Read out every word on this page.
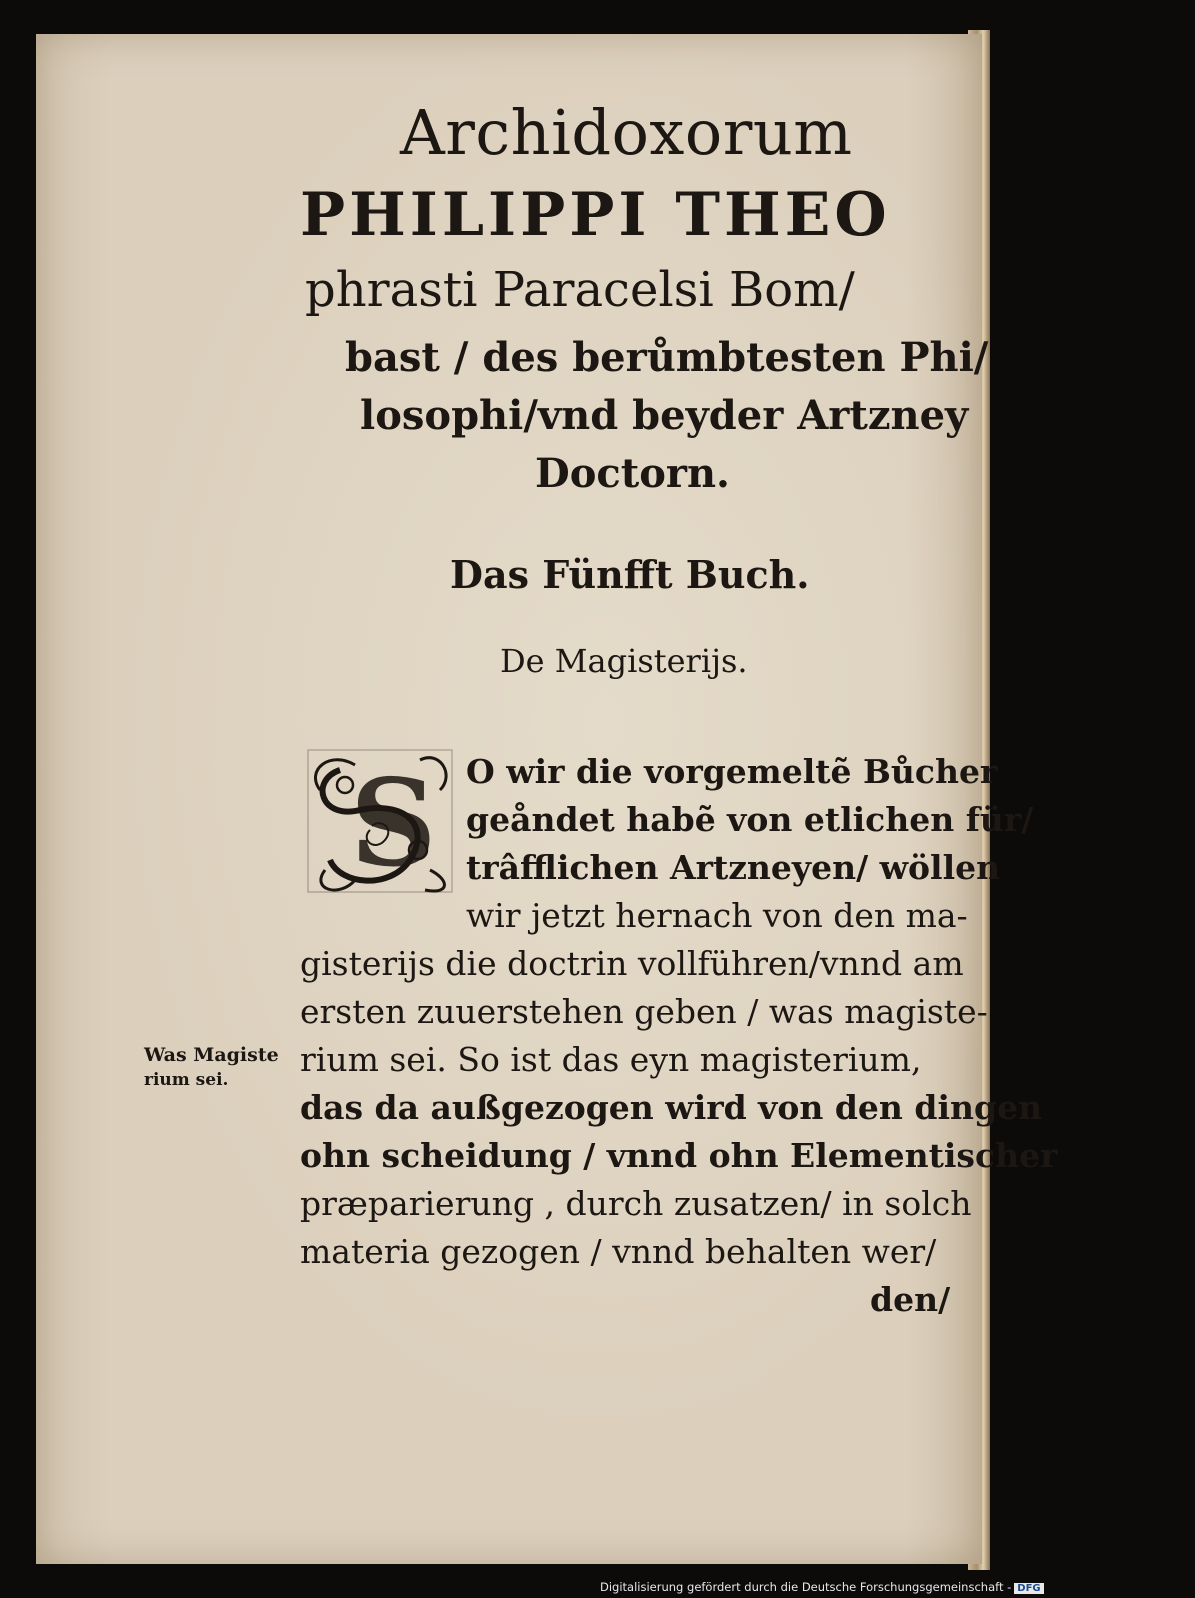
Archidoxorum
PHILIPPI THEO
phrasti Paracelsi Bom/
bast / des berůmbtesten Phi/
losophi/vnd beyder Artzney
Doctorn.
Das Fünfft Buch.
De Magisterijs.
S O wir die vorgemeltẽ Bůcher
geåndet habẽ von etlichen für/
trâfflichen Artzneyen/ wöllen
wir jetzt hernach von den ma-
gisterijs die doctrin vollführen/vnnd am
ersten zuuerstehen geben / was magiste-
rium sei. So ist das eyn magisterium,
das da außgezogen wird von den dingen
ohn scheidung / vnnd ohn Elementischer
præparierung , durch zusatzen/ in solch
materia gezogen / vnnd behalten wer/
den/
Was Magiste
rium sei.
Digitalisierung gefördert durch die Deutsche Forschungsgemeinschaft - DFG
